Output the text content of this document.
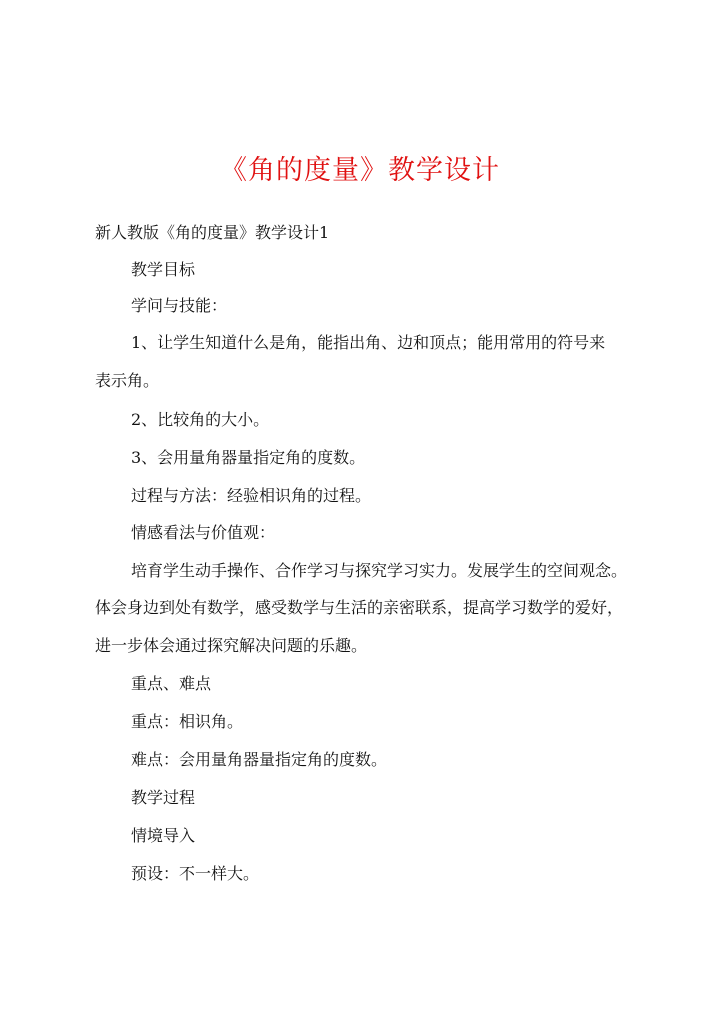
《角的度量》教学设计
新人教版《角的度量》教学设计1
教学目标
学问与技能：
1、让学生知道什么是角，能指出角、边和顶点；能用常用的符号来
表示角。
2、比较角的大小。
3、会用量角器量指定角的度数。
过程与方法：经验相识角的过程。
情感看法与价值观：
培育学生动手操作、合作学习与探究学习实力。发展学生的空间观念。
体会身边到处有数学，感受数学与生活的亲密联系，提高学习数学的爱好，
进一步体会通过探究解决问题的乐趣。
重点、难点
重点：相识角。
难点：会用量角器量指定角的度数。
教学过程
情境导入
预设：不一样大。
